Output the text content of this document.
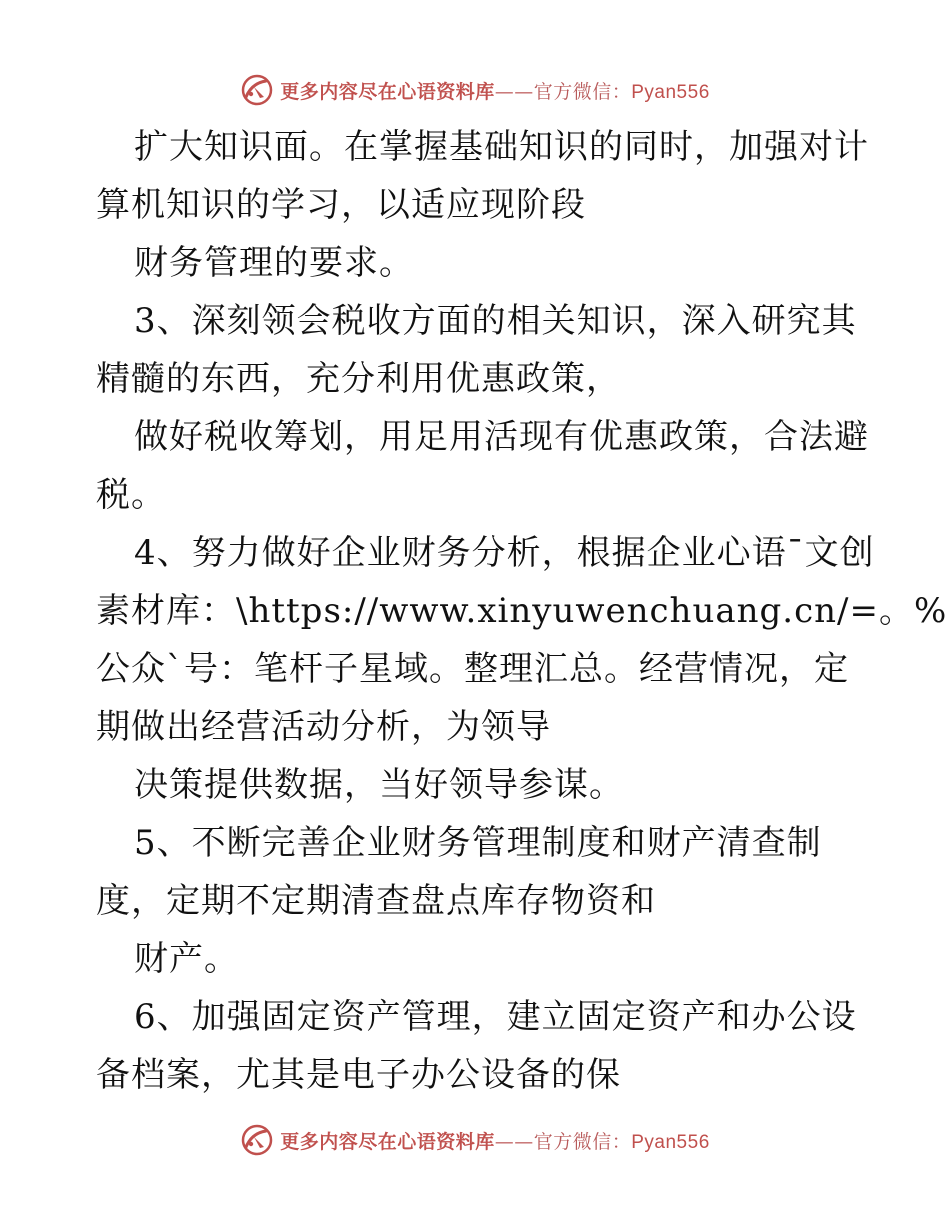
更多内容尽在心语资料库——官方微信：Pyan556
扩大知识面。在掌握基础知识的同时，加强对计
算机知识的学习，以适应现阶段
财务管理的要求。
3、深刻领会税收方面的相关知识，深入研究其
精髓的东西，充分利用优惠政策，
做好税收筹划，用足用活现有优惠政策，合法避
税。
4、努力做好企业财务分析，根据企业心语¯文创
素材库：\https://www.xinyuwenchuang.cn/=。%
公众`号：笔杆子星域。整理汇总。经营情况，定
期做出经营活动分析，为领导
决策提供数据，当好领导参谋。
5、不断完善企业财务管理制度和财产清查制
度，定期不定期清查盘点库存物资和
财产。
6、加强固定资产管理，建立固定资产和办公设
备档案，尤其是电子办公设备的保
更多内容尽在心语资料库——官方微信：Pyan556
